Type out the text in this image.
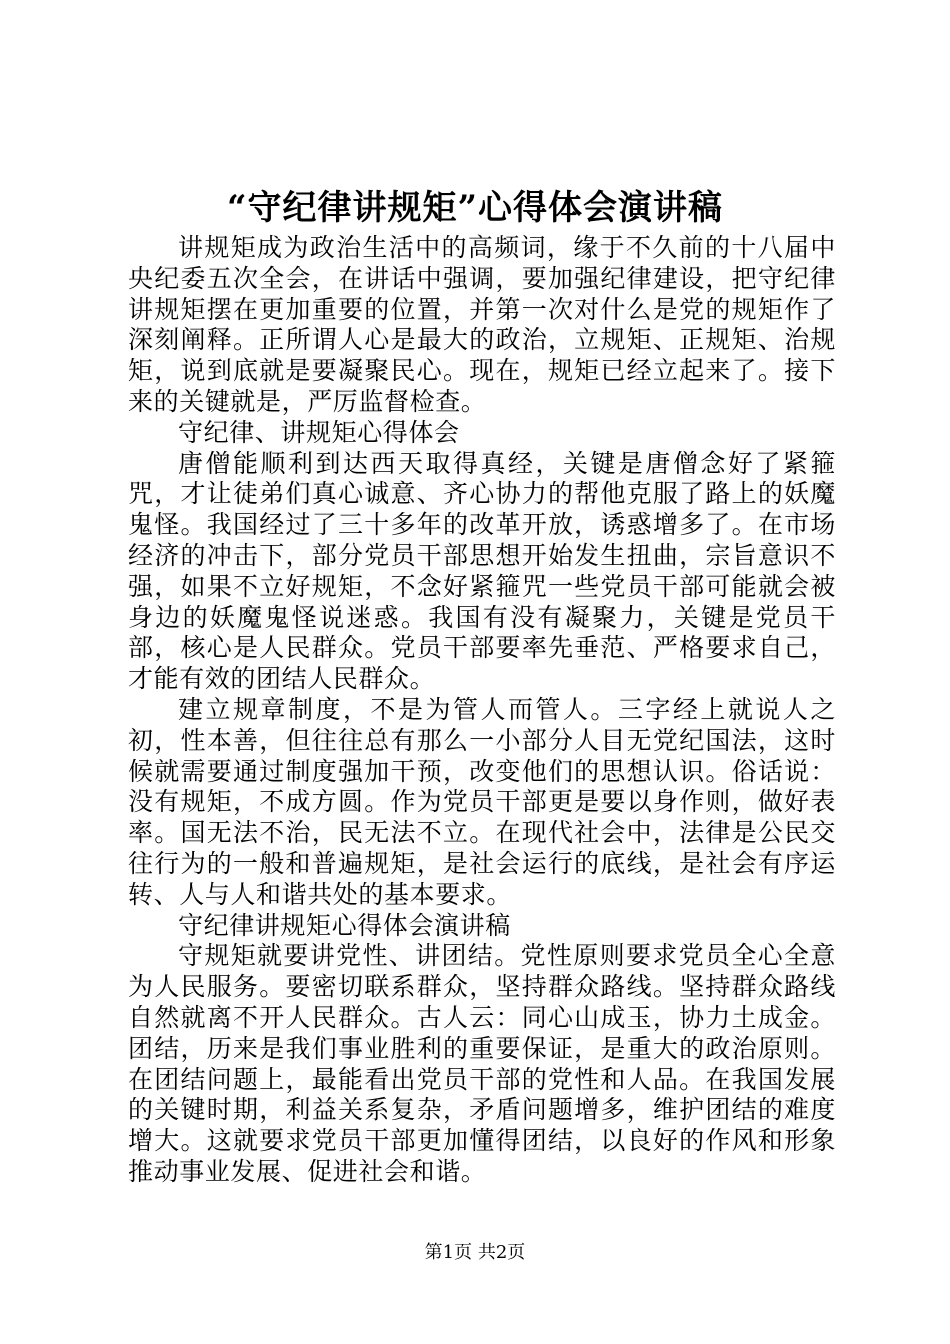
“守纪律讲规矩”心得体会演讲稿

讲规矩成为政治生活中的高频词，缘于不久前的十八届中央纪委五次全会，在讲话中强调，要加强纪律建设，把守纪律讲规矩摆在更加重要的位置，并第一次对什么是党的规矩作了深刻阐释。正所谓人心是最大的政治，立规矩、正规矩、治规矩，说到底就是要凝聚民心。现在，规矩已经立起来了。接下来的关键就是，严厉监督检查。

守纪律、讲规矩心得体会

唐僧能顺利到达西天取得真经，关键是唐僧念好了紧箍咒，才让徒弟们真心诚意、齐心协力的帮他克服了路上的妖魔鬼怪。我国经过了三十多年的改革开放，诱惑增多了。在市场经济的冲击下，部分党员干部思想开始发生扭曲，宗旨意识不强，如果不立好规矩，不念好紧箍咒一些党员干部可能就会被身边的妖魔鬼怪说迷惑。我国有没有凝聚力，关键是党员干部，核心是人民群众。党员干部要率先垂范、严格要求自己，才能有效的团结人民群众。

建立规章制度，不是为管人而管人。三字经上就说人之初，性本善，但往往总有那么一小部分人目无党纪国法，这时候就需要通过制度强加干预，改变他们的思想认识。俗话说：没有规矩，不成方圆。作为党员干部更是要以身作则，做好表率。国无法不治，民无法不立。在现代社会中，法律是公民交往行为的一般和普遍规矩，是社会运行的底线，是社会有序运转、人与人和谐共处的基本要求。

守纪律讲规矩心得体会演讲稿

守规矩就要讲党性、讲团结。党性原则要求党员全心全意为人民服务。要密切联系群众，坚持群众路线。坚持群众路线自然就离不开人民群众。古人云：同心山成玉，协力土成金。团结，历来是我们事业胜利的重要保证，是重大的政治原则。在团结问题上，最能看出党员干部的党性和人品。在我国发展的关键时期，利益关系复杂，矛盾问题增多，维护团结的难度增大。这就要求党员干部更加懂得团结，以良好的作风和形象推动事业发展、促进社会和谐。

第1页 共2页
